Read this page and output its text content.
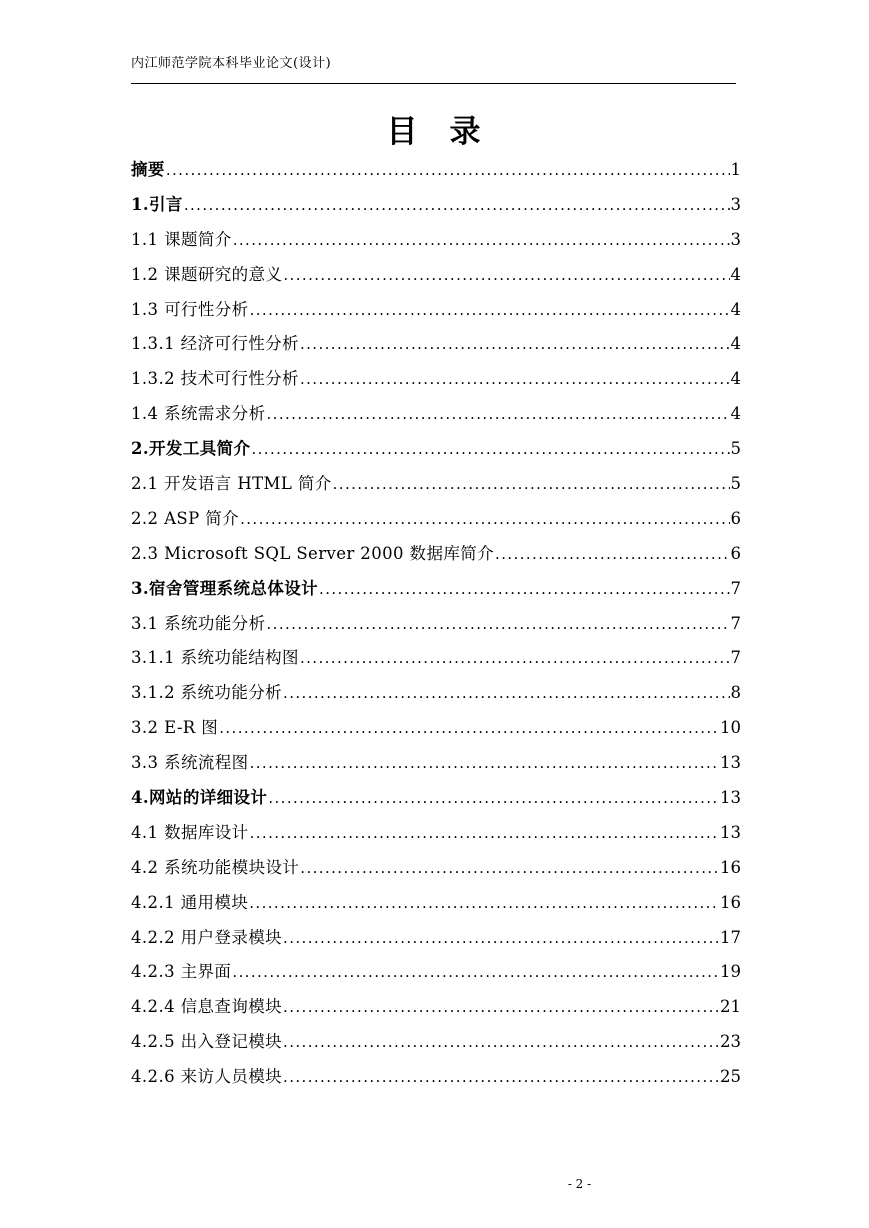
内江师范学院本科毕业论文(设计)
目 录
摘要 .....	1
1.引言 .....	3
1.1 课题简介 .....	3
1.2 课题研究的意义 .....	4
1.3 可行性分析 .....	4
1.3.1 经济可行性分析 .....	4
1.3.2 技术可行性分析 .....	4
1.4 系统需求分析 .....	4
2.开发工具简介 .....	5
2.1 开发语言 HTML 简介 .....	5
2.2 ASP 简介 .....	6
2.3 Microsoft SQL Server 2000 数据库简介 .....	6
3.宿舍管理系统总体设计 .....	7
3.1 系统功能分析 .....	7
3.1.1 系统功能结构图 .....	7
3.1.2 系统功能分析 .....	8
3.2 E-R 图 .....	10
3.3 系统流程图 .....	13
4.网站的详细设计 .....	13
4.1 数据库设计 .....	13
4.2 系统功能模块设计 .....	16
4.2.1 通用模块 .....	16
4.2.2 用户登录模块 .....	17
4.2.3 主界面 .....	19
4.2.4 信息查询模块 .....	21
4.2.5 出入登记模块 .....	23
4.2.6 来访人员模块 .....	25
- 2 -
